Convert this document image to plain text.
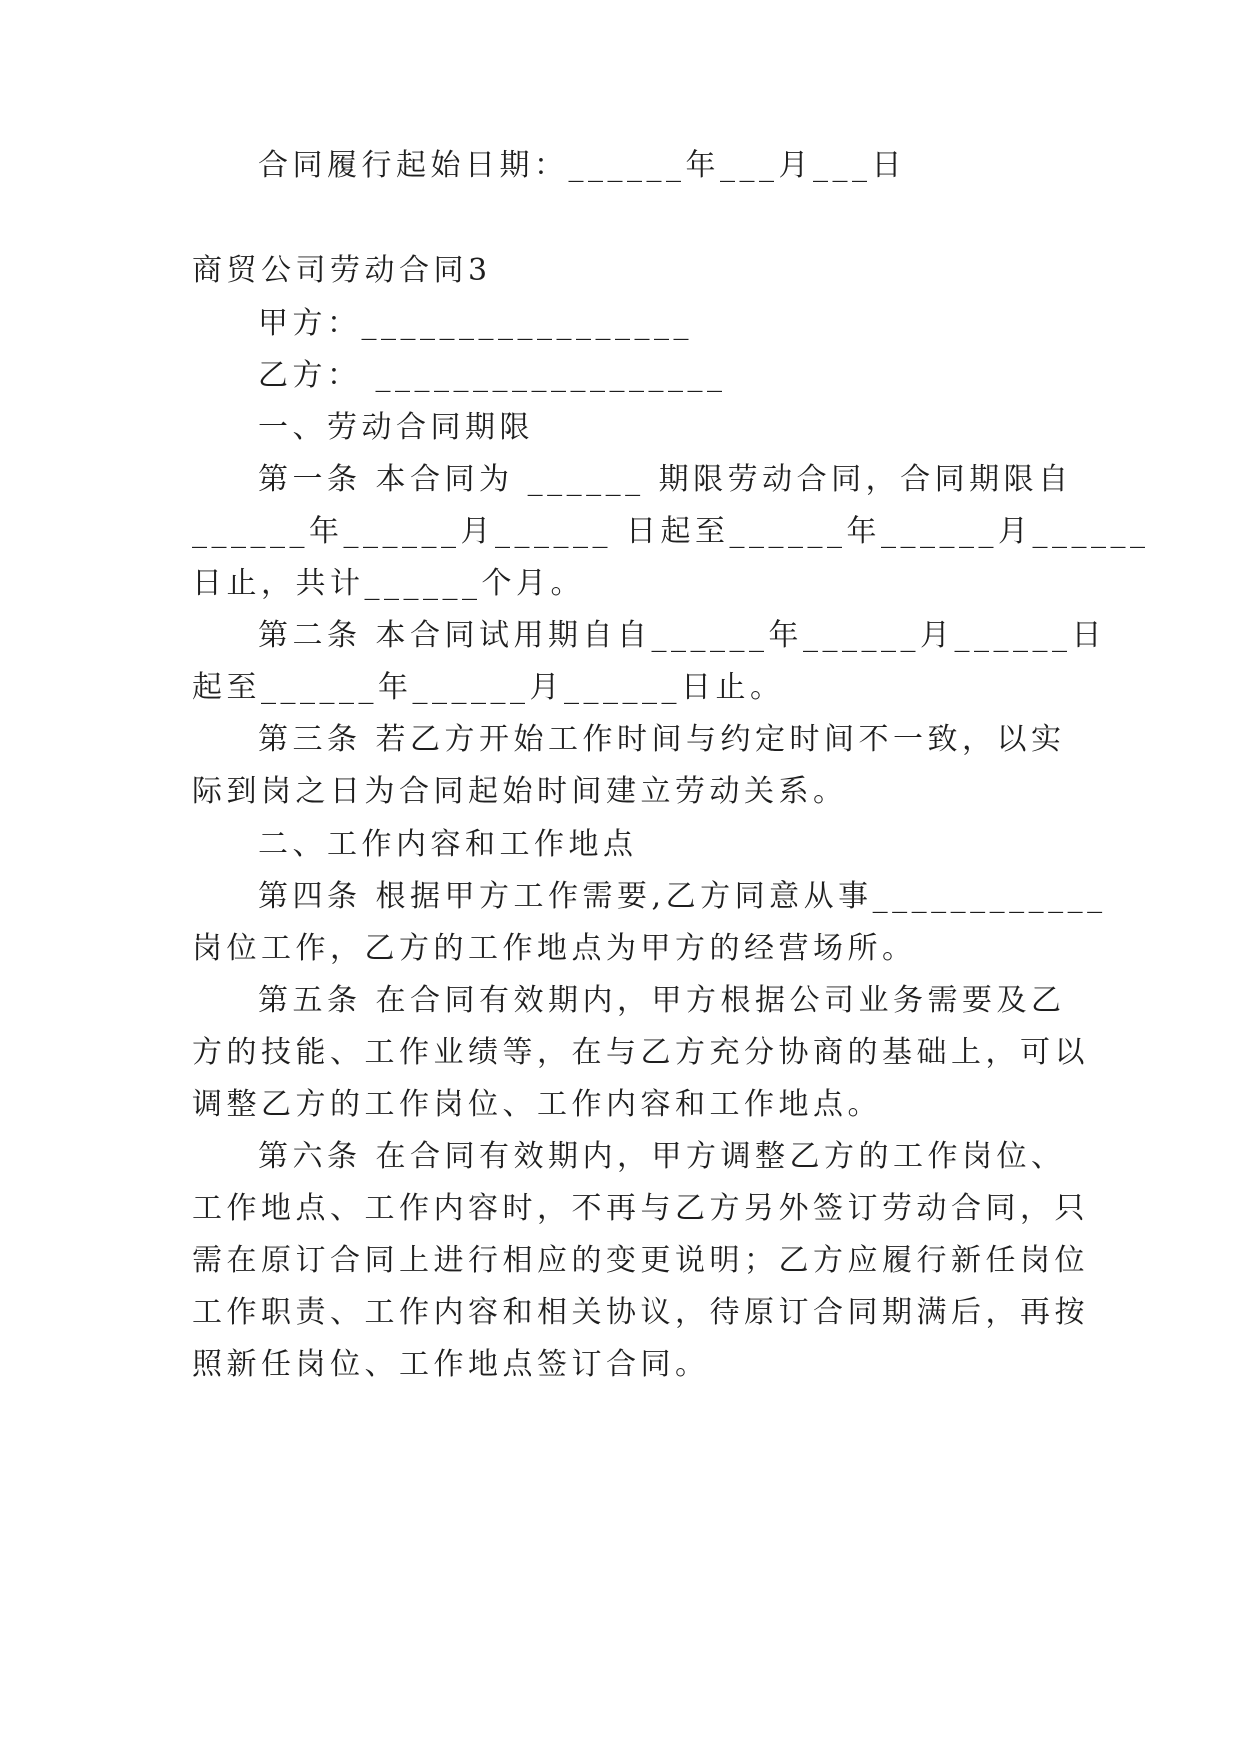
合同履行起始日期：______年___月___日
商贸公司劳动合同3
甲方：_________________
乙方： __________________
一、劳动合同期限
第 一 条
本 合 同 为
_ _ _ _ _ _
期 限 劳 动 合 同 ， 合 同 期 限 自
_ _ _ _ _ _ 年 _ _ _ _ _ _ 月 _ _ _ _ _ _
日 起 至 _ _ _ _ _ _ 年 _ _ _ _ _ _ 月 _ _ _ _ _ _
日止，共计______个月。
第 二 条
本 合 同 试 用 期 自 自 _ _ _ _ _ _ 年 _ _ _ _ _ _ 月 _ _ _ _ _ _ 日
起至______年______月______日止。
第 三 条
若 乙 方 开 始 工 作 时 间 与 约 定 时 间 不 一 致 ， 以 实
际到岗之日为合同起始时间建立劳动关系。
二、工作内容和工作地点
第 四 条
根 据 甲 方 工 作 需 要 , 乙 方 同 意 从 事 _ _ _ _ _ _ _ _ _ _ _ _
岗位工作，乙方的工作地点为甲方的经营场所。
第 五 条
在 合 同 有 效 期 内 ， 甲 方 根 据 公 司 业 务 需 要 及 乙
方 的 技 能 、 工 作 业 绩 等 ， 在 与 乙 方 充 分 协 商 的 基 础 上 ， 可 以
调整乙方的工作岗位、工作内容和工作地点。
第 六 条
在 合 同 有 效 期 内 ， 甲 方 调 整 乙 方 的 工 作 岗 位 、
工 作 地 点 、 工 作 内 容 时 ， 不 再 与 乙 方 另 外 签 订 劳 动 合 同 ， 只
需 在 原 订 合 同 上 进 行 相 应 的 变 更 说 明 ； 乙 方 应 履 行 新 任 岗 位
工 作 职 责 、 工 作 内 容 和 相 关 协 议 ， 待 原 订 合 同 期 满 后 ， 再 按
照新任岗位、工作地点签订合同。
